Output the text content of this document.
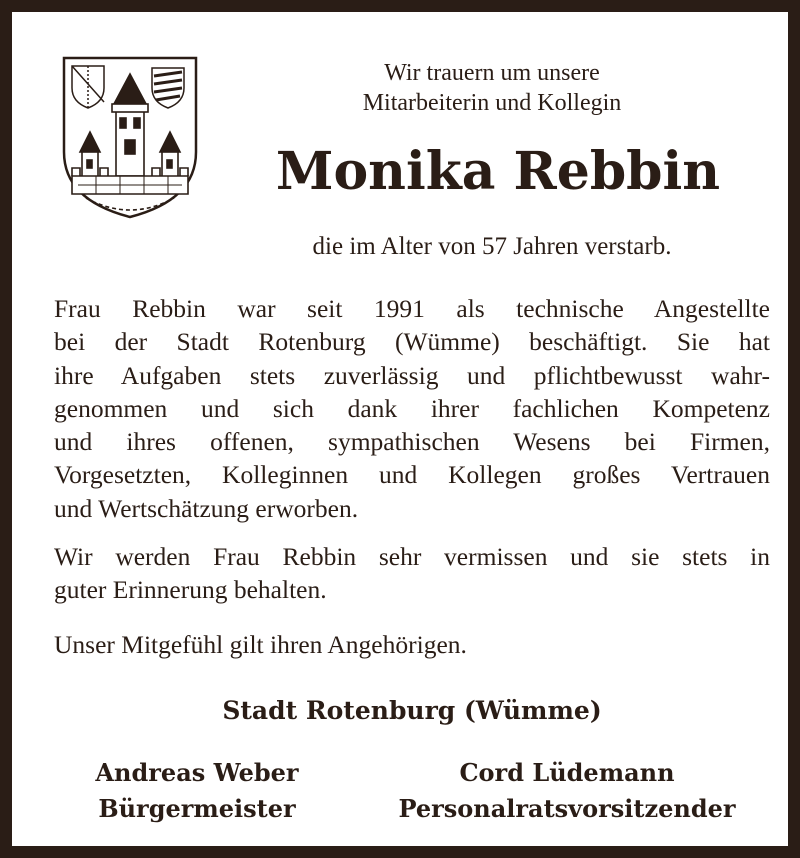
Wir trauern um unsere
Mitarbeiterin und Kollegin
Monika Rebbin
die im Alter von 57 Jahren verstarb.
Frau Rebbin war seit 1991 als technische Angestellte
bei der Stadt Rotenburg (Wümme) beschäftigt. Sie hat
ihre Aufgaben stets zuverlässig und pflichtbewusst wahr-
genommen und sich dank ihrer fachlichen Kompetenz
und ihres offenen, sympathischen Wesens bei Firmen,
Vorgesetzten, Kolleginnen und Kollegen großes Vertrauen
und Wertschätzung erworben.
Wir werden Frau Rebbin sehr vermissen und sie stets in
guter Erinnerung behalten.
Unser Mitgefühl gilt ihren Angehörigen.
Stadt Rotenburg (Wümme)
Andreas Weber
Bürgermeister
Cord Lüdemann
Personalratsvorsitzender
